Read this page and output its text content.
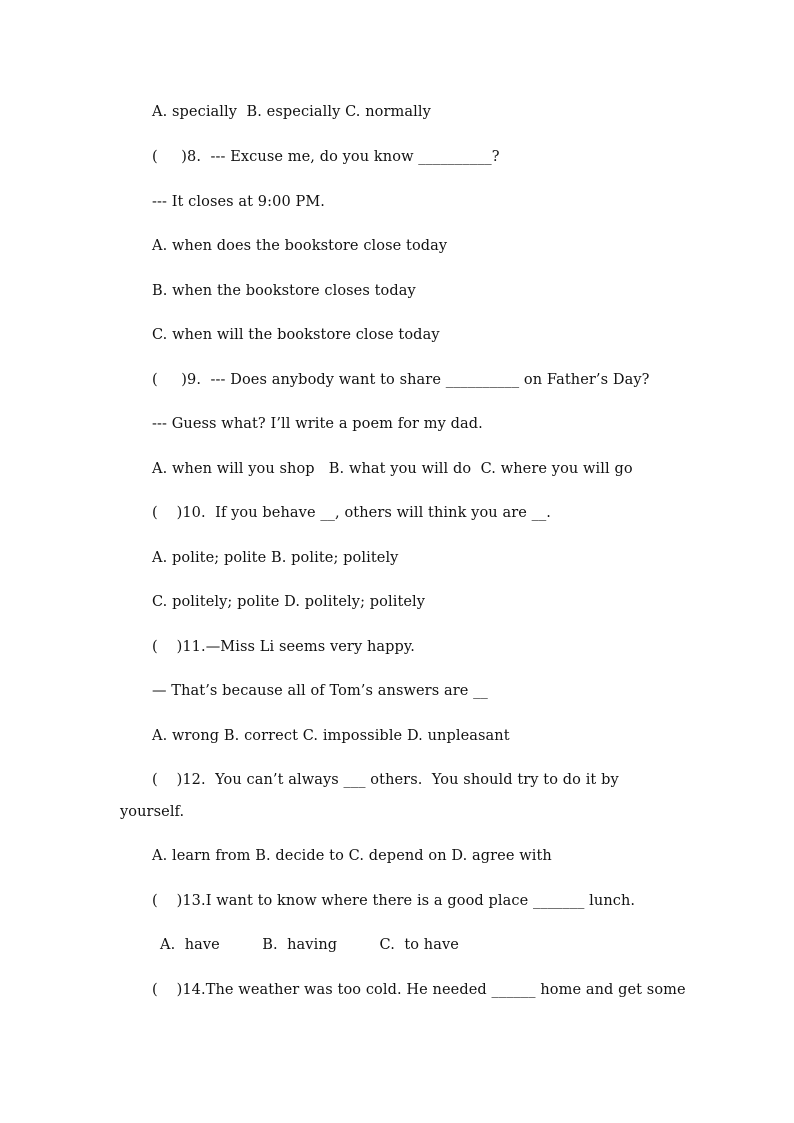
A. specially  B. especially C. normally
(     )8.  --- Excuse me, do you know __________?
--- It closes at 9:00 PM.
A. when does the bookstore close today
B. when the bookstore closes today
C. when will the bookstore close today
(     )9.  --- Does anybody want to share __________ on Father’s Day?
--- Guess what? I’ll write a poem for my dad.
A. when will you shop   B. what you will do  C. where you will go
(    )10.  If you behave __, others will think you are __.
A. polite; polite B. polite; politely
C. politely; polite D. politely; politely
(    )11.—Miss Li seems very happy.
— That’s because all of Tom’s answers are __
A. wrong B. correct C. impossible D. unpleasant
(    )12.  You can’t always ___ others.  You should try to do it by
yourself.
A. learn from B. decide to C. depend on D. agree with
(    )13.I want to know where there is a good place _______ lunch.
A.  have         B.  having         C.  to have
(    )14.The weather was too cold. He needed ______ home and get some
